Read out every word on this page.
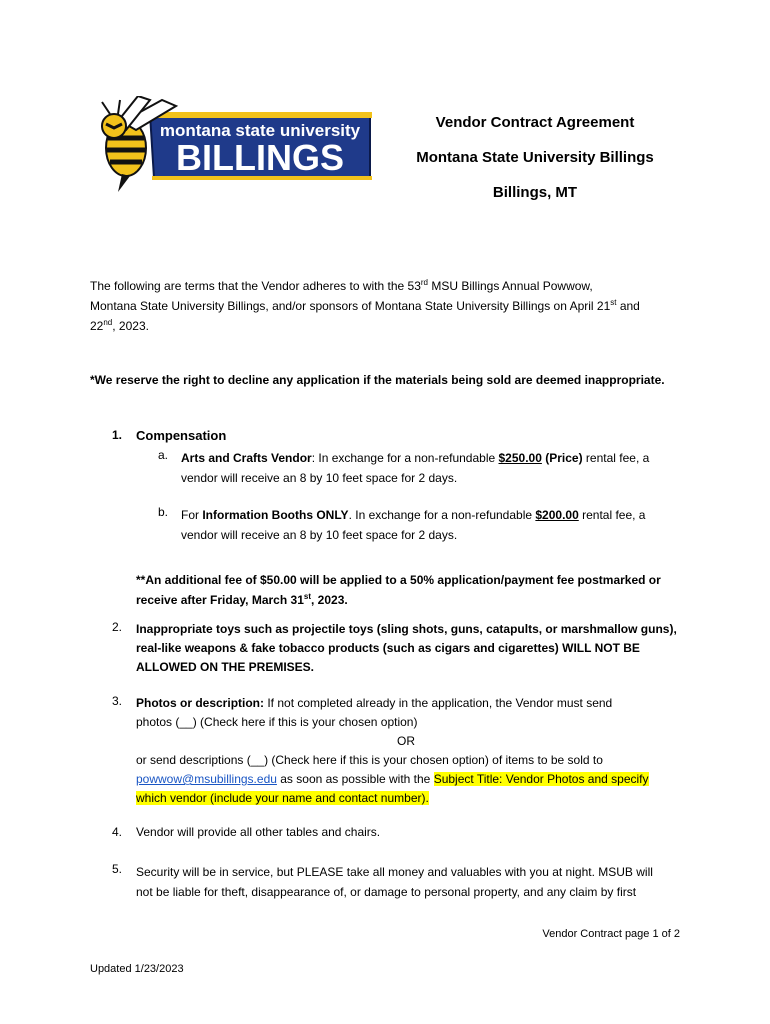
montana state university
BILLINGS
Vendor Contract Agreement
Montana State University Billings
Billings, MT
The following are terms that the Vendor adheres to with the 53rd MSU Billings Annual Powwow,
Montana State University Billings, and/or sponsors of Montana State University Billings on April 21st and
22nd, 2023.
*We reserve the right to decline any application if the materials being sold are deemed inappropriate.
1. Compensation
a. Arts and Crafts Vendor: In exchange for a non-refundable $250.00 (Price) rental fee, a
vendor will receive an 8 by 10 feet space for 2 days.
b. For Information Booths ONLY. In exchange for a non-refundable $200.00 rental fee, a
vendor will receive an 8 by 10 feet space for 2 days.
**An additional fee of $50.00 will be applied to a 50% application/payment fee postmarked or
receive after Friday, March 31st, 2023.
2. Inappropriate toys such as projectile toys (sling shots, guns, catapults, or marshmallow guns),
real-like weapons & fake tobacco products (such as cigars and cigarettes) WILL NOT BE
ALLOWED ON THE PREMISES.
3. Photos or description: If not completed already in the application, the Vendor must send
photos (__) (Check here if this is your chosen option)
OR
or send descriptions (__) (Check here if this is your chosen option) of items to be sold to
powwow@msubillings.edu as soon as possible with the Subject Title: Vendor Photos and specify
which vendor (include your name and contact number).
4. Vendor will provide all other tables and chairs.
5. Security will be in service, but PLEASE take all money and valuables with you at night. MSUB will
not be liable for theft, disappearance of, or damage to personal property, and any claim by first
Vendor Contract page 1 of 2
Updated 1/23/2023
